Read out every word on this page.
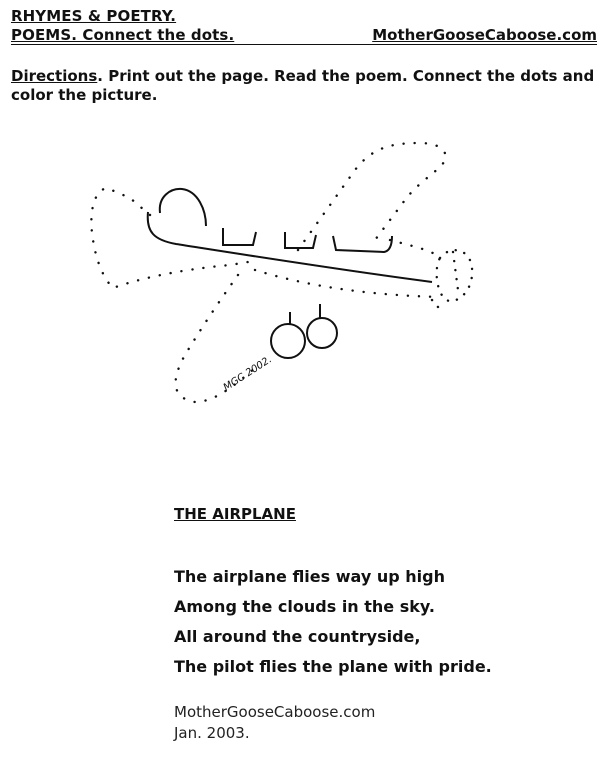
RHYMES & POETRY.
POEMS. Connect the dots.	MotherGooseCaboose.com
Directions. Print out the page. Read the poem. Connect the dots and color the picture.
MGC 2002.
THE AIRPLANE
The airplane flies way up high
Among the clouds in the sky.
All around the countryside,
The pilot flies the plane with pride.
MotherGooseCaboose.com
Jan. 2003.
